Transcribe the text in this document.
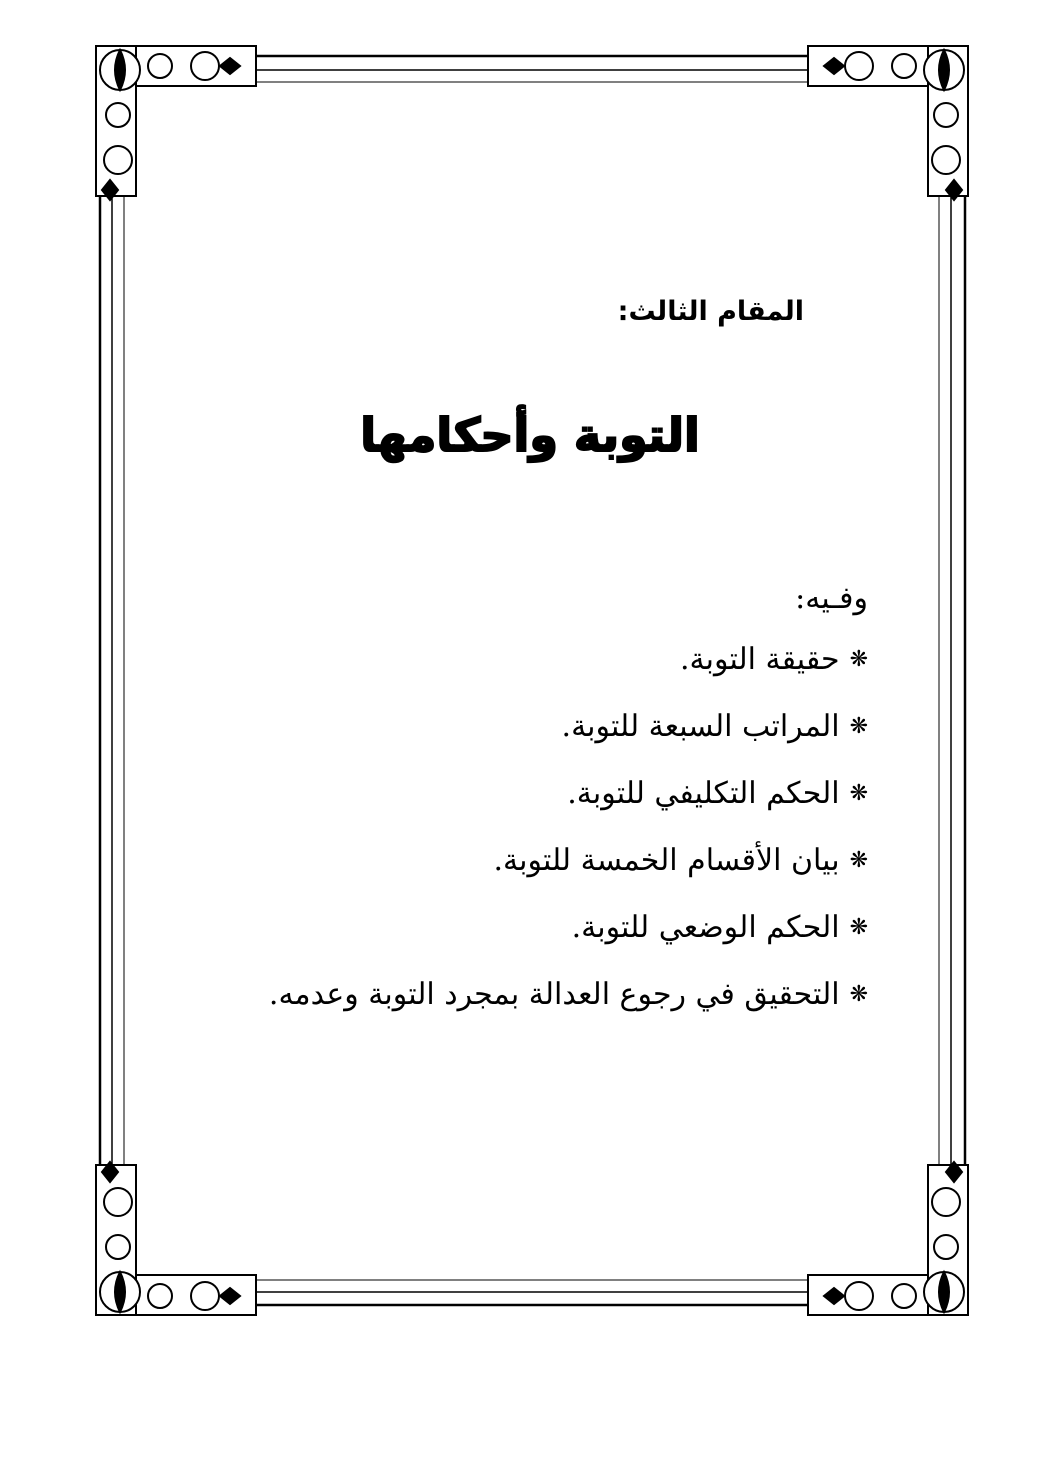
المقام الثالث:
التوبة وأحكامها
وفـيه:
❋حقيقة التوبة.
❋المراتب السبعة للتوبة.
❋الحكم التكليفي للتوبة.
❋بيان الأقسام الخمسة للتوبة.
❋الحكم الوضعي للتوبة.
❋التحقيق في رجوع العدالة بمجرد التوبة وعدمه.
